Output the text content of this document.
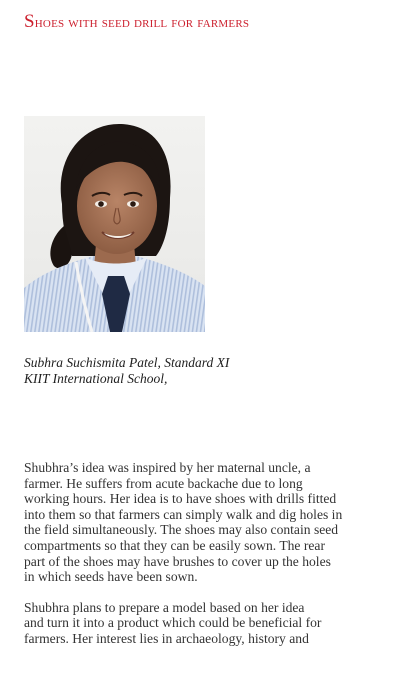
Shoes with seed drill for farmers
Subhra Suchismita Patel, Standard XI
KIIT International School,

Shubhra’s idea was inspired by her maternal uncle, a
farmer. He suffers from acute backache due to long
working hours. Her idea is to have shoes with drills fitted
into them so that farmers can simply walk and dig holes in
the field simultaneously. The shoes may also contain seed
compartments so that they can be easily sown. The rear
part of the shoes may have brushes to cover up the holes
in which seeds have been sown.

Shubhra plans to prepare a model based on her idea
and turn it into a product which could be beneficial for
farmers. Her interest lies in archaeology, history and
